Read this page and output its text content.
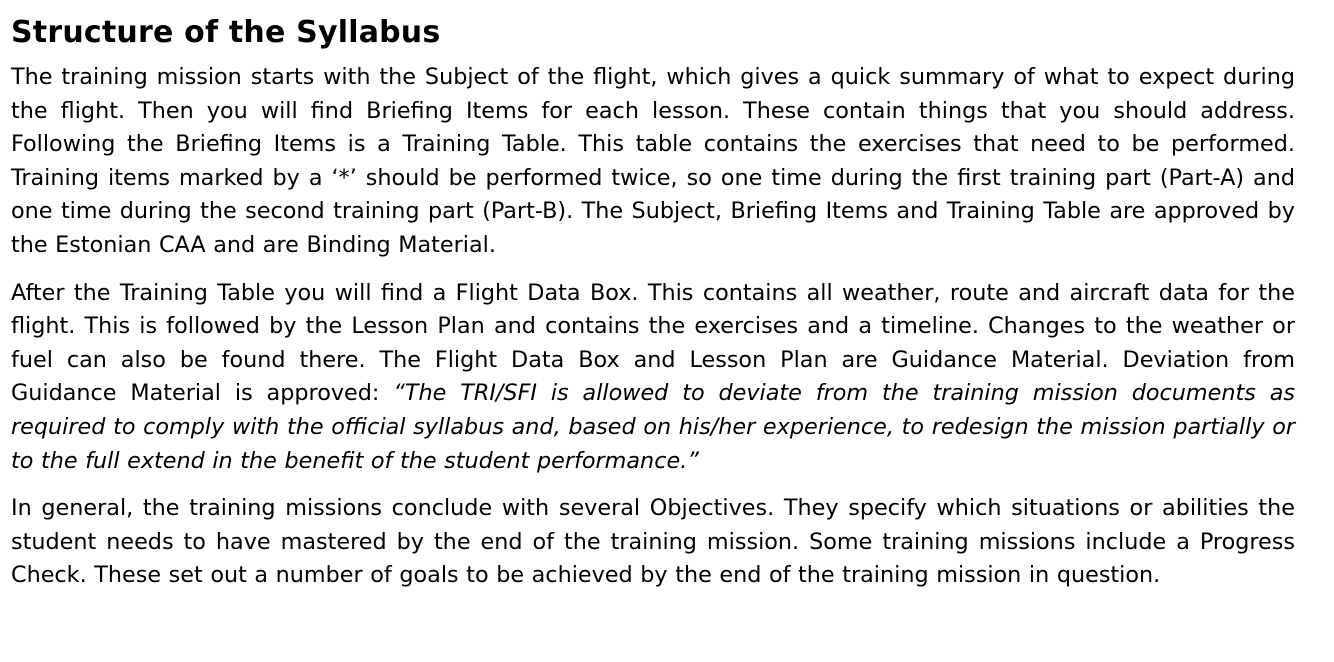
Structure of the Syllabus

The training mission starts with the Subject of the flight, which gives a quick summary of what to expect during the flight. Then you will find Briefing Items for each lesson. These contain things that you should address. Following the Briefing Items is a Training Table. This table contains the exercises that need to be performed. Training items marked by a ‘*’ should be performed twice, so one time during the first training part (Part-A) and one time during the second training part (Part-B). The Subject, Briefing Items and Training Table are approved by the Estonian CAA and are Binding Material.

After the Training Table you will find a Flight Data Box. This contains all weather, route and aircraft data for the flight. This is followed by the Lesson Plan and contains the exercises and a timeline. Changes to the weather or fuel can also be found there. The Flight Data Box and Lesson Plan are Guidance Material. Deviation from Guidance Material is approved: “The TRI/SFI is allowed to deviate from the training mission documents as required to comply with the official syllabus and, based on his/her experience, to redesign the mission partially or to the full extend in the benefit of the student performance.”

In general, the training missions conclude with several Objectives. They specify which situations or abilities the student needs to have mastered by the end of the training mission. Some training missions include a Progress Check. These set out a number of goals to be achieved by the end of the training mission in question.
